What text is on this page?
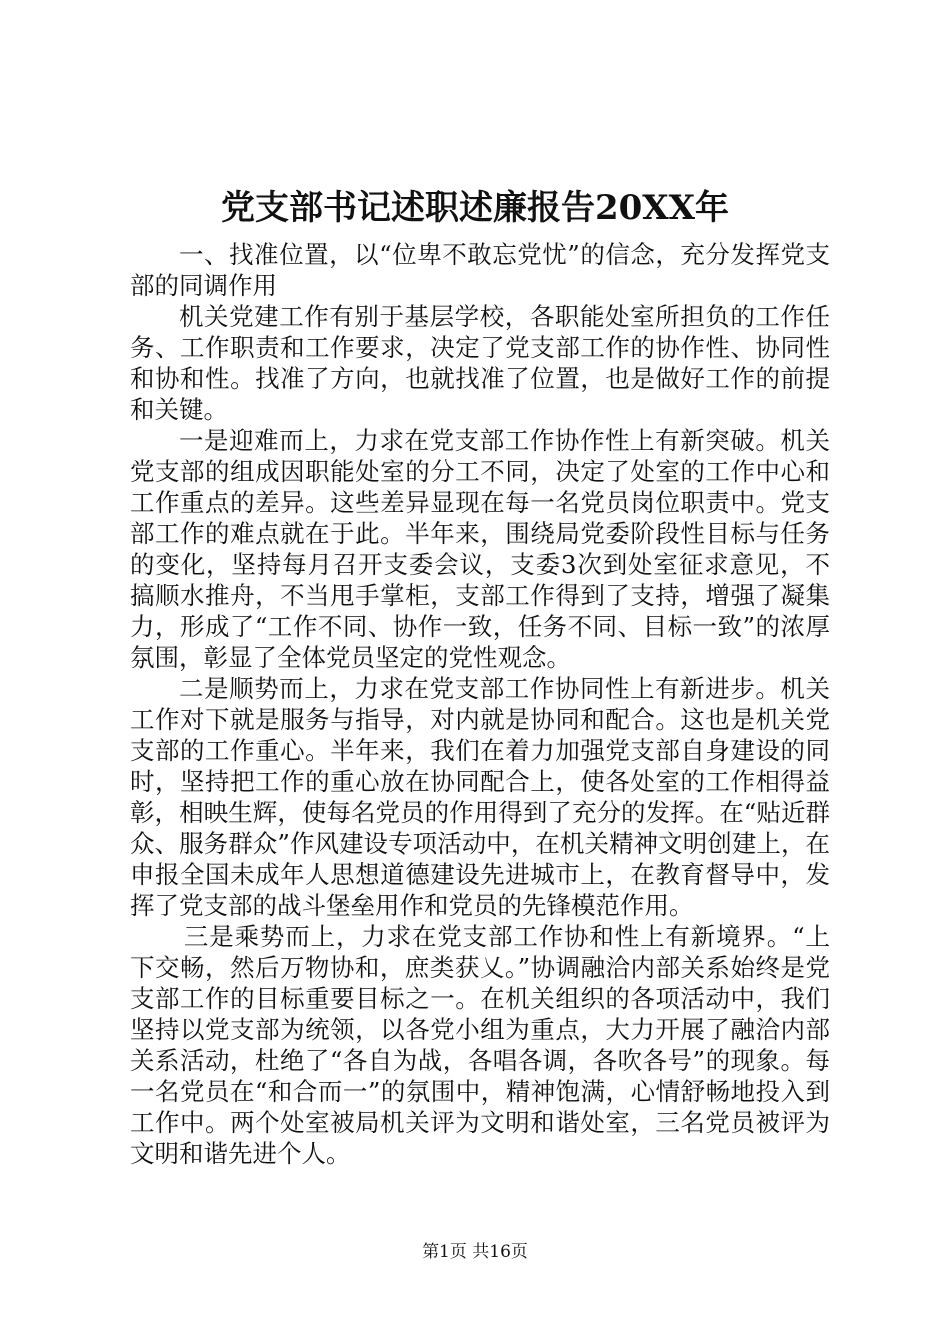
党支部书记述职述廉报告20XX年

一、找准位置，以“位卑不敢忘党忧”的信念，充分发挥党支部的同调作用

机关党建工作有别于基层学校，各职能处室所担负的工作任务、工作职责和工作要求，决定了党支部工作的协作性、协同性和协和性。找准了方向，也就找准了位置，也是做好工作的前提和关键。

一是迎难而上，力求在党支部工作协作性上有新突破。机关党支部的组成因职能处室的分工不同，决定了处室的工作中心和工作重点的差异。这些差异显现在每一名党员岗位职责中。党支部工作的难点就在于此。半年来，围绕局党委阶段性目标与任务的变化，坚持每月召开支委会议，支委3次到处室征求意见，不搞顺水推舟，不当甩手掌柜，支部工作得到了支持，增强了凝集力，形成了“工作不同、协作一致，任务不同、目标一致”的浓厚氛围，彰显了全体党员坚定的党性观念。

二是顺势而上，力求在党支部工作协同性上有新进步。机关工作对下就是服务与指导，对内就是协同和配合。这也是机关党支部的工作重心。半年来，我们在着力加强党支部自身建设的同时，坚持把工作的重心放在协同配合上，使各处室的工作相得益彰，相映生辉，使每名党员的作用得到了充分的发挥。在“贴近群众、服务群众”作风建设专项活动中，在机关精神文明创建上，在申报全国未成年人思想道德建设先进城市上，在教育督导中，发挥了党支部的战斗堡垒用作和党员的先锋模范作用。

三是乘势而上，力求在党支部工作协和性上有新境界。“上下交畅，然后万物协和，庶类获乂。”协调融洽内部关系始终是党支部工作的目标重要目标之一。在机关组织的各项活动中，我们坚持以党支部为统领，以各党小组为重点，大力开展了融洽内部关系活动，杜绝了“各自为战，各唱各调，各吹各号”的现象。每一名党员在“和合而一”的氛围中，精神饱满，心情舒畅地投入到工作中。两个处室被局机关评为文明和谐处室，三名党员被评为文明和谐先进个人。

第1页 共16页
